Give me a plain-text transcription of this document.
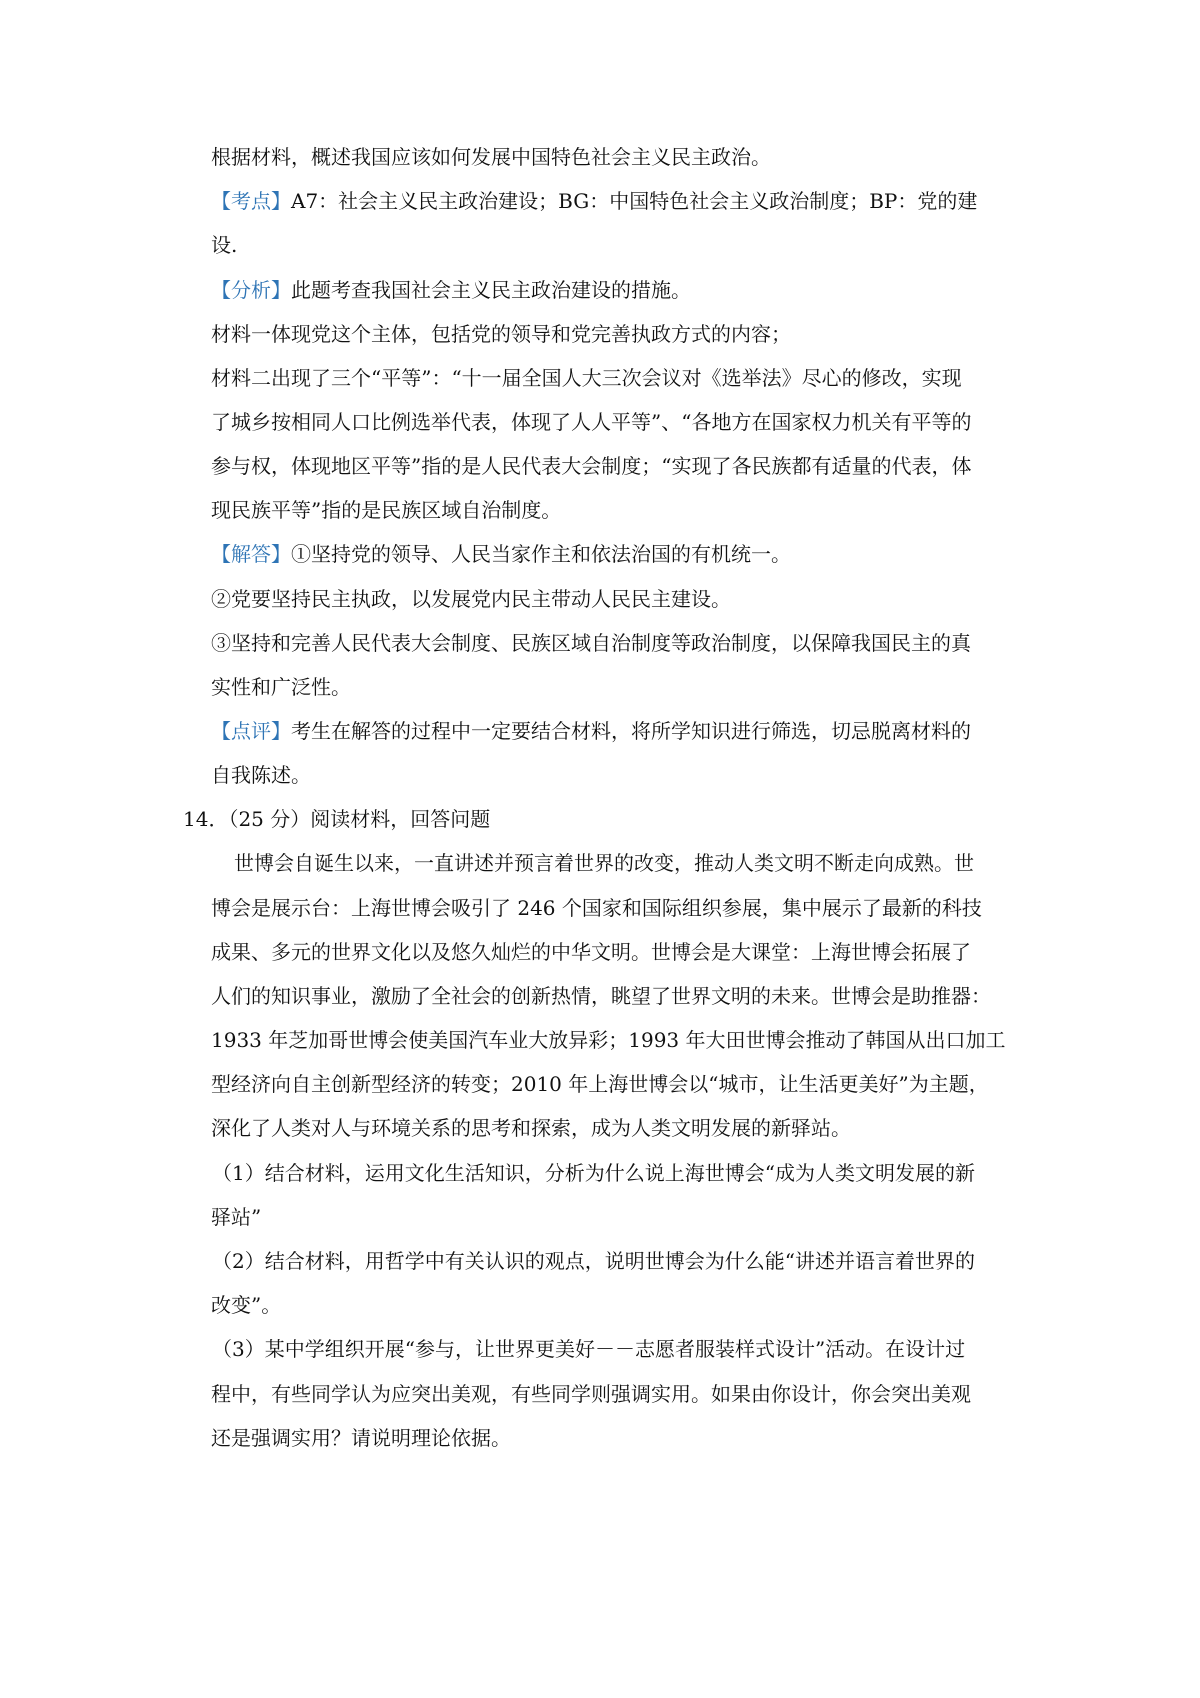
根据材料，概述我国应该如何发展中国特色社会主义民主政治。
【考点】A7：社会主义民主政治建设；BG：中国特色社会主义政治制度；BP：党的建
设.
【分析】此题考查我国社会主义民主政治建设的措施。
材料一体现党这个主体，包括党的领导和党完善执政方式的内容；
材料二出现了三个“平等”：“十一届全国人大三次会议对《选举法》尽心的修改，实现
了城乡按相同人口比例选举代表，体现了人人平等”、“各地方在国家权力机关有平等的
参与权，体现地区平等”指的是人民代表大会制度；“实现了各民族都有适量的代表，体
现民族平等”指的是民族区域自治制度。
【解答】①坚持党的领导、人民当家作主和依法治国的有机统一。
②党要坚持民主执政，以发展党内民主带动人民民主建设。
③坚持和完善人民代表大会制度、民族区域自治制度等政治制度，以保障我国民主的真
实性和广泛性。
【点评】考生在解答的过程中一定要结合材料，将所学知识进行筛选，切忌脱离材料的
自我陈述。
14．（25 分）阅读材料，回答问题
世博会自诞生以来，一直讲述并预言着世界的改变，推动人类文明不断走向成熟。世
博会是展示台：上海世博会吸引了 246 个国家和国际组织参展，集中展示了最新的科技
成果、多元的世界文化以及悠久灿烂的中华文明。世博会是大课堂：上海世博会拓展了
人们的知识事业，激励了全社会的创新热情，眺望了世界文明的未来。世博会是助推器：
1933 年芝加哥世博会使美国汽车业大放异彩；1993 年大田世博会推动了韩国从出口加工
型经济向自主创新型经济的转变；2010 年上海世博会以“城市，让生活更美好”为主题，
深化了人类对人与环境关系的思考和探索，成为人类文明发展的新驿站。
（1）结合材料，运用文化生活知识，分析为什么说上海世博会“成为人类文明发展的新
驿站”
（2）结合材料，用哲学中有关认识的观点，说明世博会为什么能“讲述并语言着世界的
改变”。
（3）某中学组织开展“参与，让世界更美好－－志愿者服装样式设计”活动。在设计过
程中，有些同学认为应突出美观，有些同学则强调实用。如果由你设计，你会突出美观
还是强调实用？请说明理论依据。
